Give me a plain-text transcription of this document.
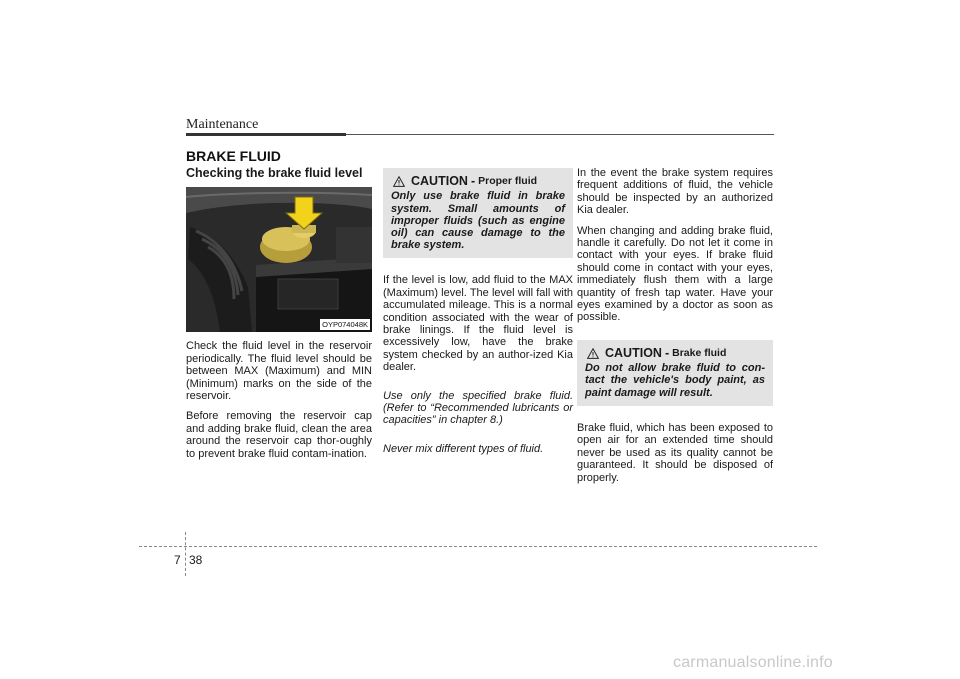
Maintenance
BRAKE FLUID
Checking the brake fluid level
OYP074048K

Check the fluid level in the reservoir periodically. The fluid level should be between MAX (Maximum) and MIN (Minimum) marks on the side of the reservoir.

Before removing the reservoir cap and adding brake fluid, clean the area around the reservoir cap thor-oughly to prevent brake fluid contam-ination.

CAUTION - Proper fluid
Only use brake fluid in brake system. Small amounts of improper fluids (such as engine oil) can cause damage to the brake system.

If the level is low, add fluid to the MAX (Maximum) level. The level will fall with accumulated mileage. This is a normal condition associated with the wear of brake linings. If the fluid level is excessively low, have the brake system checked by an author-ized Kia dealer.

Use only the specified brake fluid. (Refer to “Recommended lubricants or capacities” in chapter 8.)

Never mix different types of fluid.

In the event the brake system requires frequent additions of fluid, the vehicle should be inspected by an authorized Kia dealer.

When changing and adding brake fluid, handle it carefully. Do not let it come in contact with your eyes. If brake fluid should come in contact with your eyes, immediately flush them with a large quantity of fresh tap water. Have your eyes examined by a doctor as soon as possible.

CAUTION - Brake fluid
Do not allow brake fluid to con-tact the vehicle's body paint, as paint damage will result.

Brake fluid, which has been exposed to open air for an extended time should never be used as its quality cannot be guaranteed. It should be disposed of properly.

7 38
carmanualsonline.info
